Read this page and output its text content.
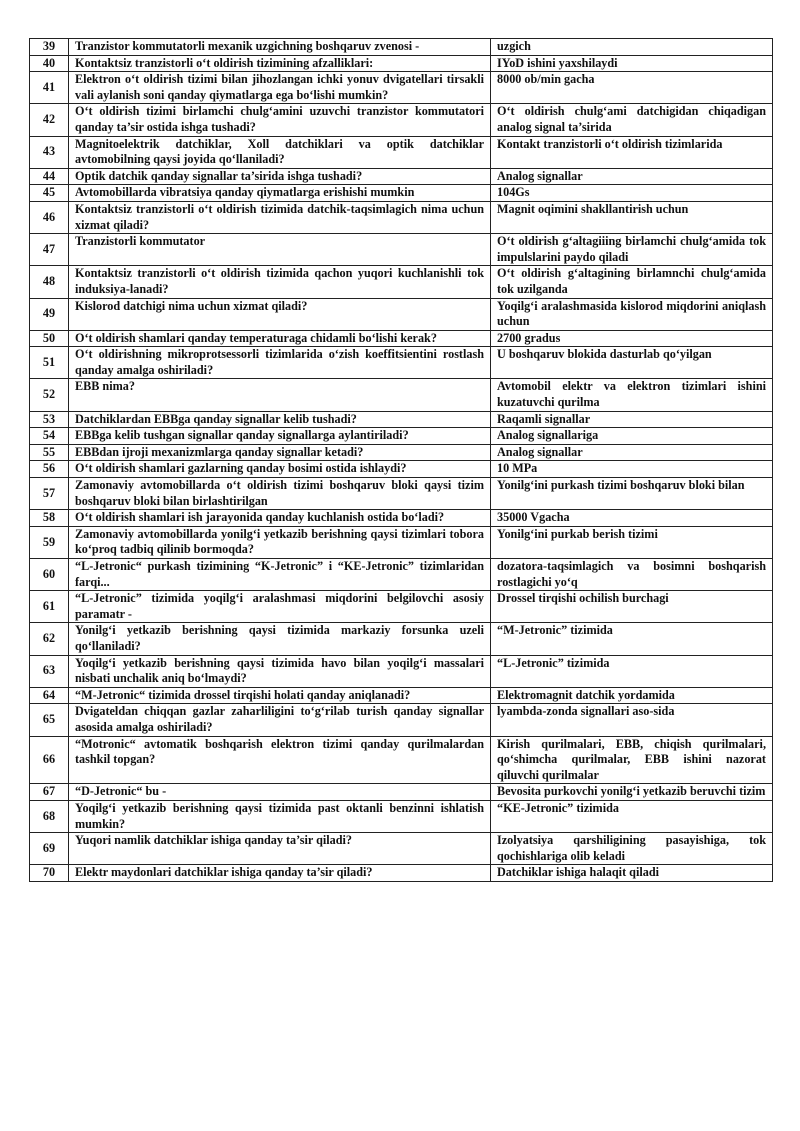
39	Tranzistor kommutatorli mexanik uzgichning boshqaruv zvenosi -	uzgich
40	Kontaktsiz tranzistorli o‘t oldirish tizimining afzalliklari:	IYoD ishini yaxshilaydi
41	Elektron o‘t oldirish tizimi bilan jihozlangan ichki yonuv dvigatellari tirsakli vali aylanish soni qanday qiymatlarga ega bo‘lishi mumkin?	8000 ob/min gacha
42	O‘t oldirish tizimi birlamchi chulg‘amini uzuvchi tranzistor kommutatori qanday ta’sir ostida ishga tushadi?	O‘t oldirish chulg‘ami datchigidan chiqadigan analog signal ta’sirida
43	Magnitoelektrik datchiklar, Xoll datchiklari va optik datchiklar avtomobilning qaysi joyida qo‘llaniladi?	Kontakt tranzistorli o‘t oldirish tizimlarida
44	Optik datchik qanday signallar ta’sirida ishga tushadi?	Analog signallar
45	Avtomobillarda vibratsiya qanday qiymatlarga erishishi mumkin	104Gs
46	Kontaktsiz tranzistorli o‘t oldirish tizimida datchik-taqsimlagich nima uchun xizmat qiladi?	Magnit oqimini shakllantirish uchun
47	Tranzistorli kommutator	O‘t oldirish g‘altagiiing birlamchi chulg‘amida tok impulslarini paydo qiladi
48	Kontaktsiz tranzistorli o‘t oldirish tizimida qachon yuqori kuchlanishli tok induksiya-lanadi?	O‘t oldirish g‘altagining birlamnchi chulg‘amida tok uzilganda
49	Kislorod datchigi nima uchun xizmat qiladi?	Yoqilg‘i aralashmasida kislorod miqdorini aniqlash uchun
50	O‘t oldirish shamlari qanday temperaturaga chidamli bo‘lishi kerak?	2700 gradus
51	O‘t oldirishning mikroprotsessorli tizimlarida o‘zish koeffitsientini rostlash qanday amalga oshiriladi?	U boshqaruv blokida dasturlab qo‘yilgan
52	EBB nima?	Avtomobil elektr va elektron tizimlari ishini kuzatuvchi qurilma
53	Datchiklardan EBBga qanday signallar kelib tushadi?	Raqamli signallar
54	EBBga kelib tushgan signallar qanday signallarga aylantiriladi?	Analog signallariga
55	EBBdan ijroji mexanizmlarga qanday signallar ketadi?	Analog signallar
56	O‘t oldirish shamlari gazlarning qanday bosimi ostida ishlaydi?	10 MPa
57	Zamonaviy avtomobillarda o‘t oldirish tizimi boshqaruv bloki qaysi tizim boshqaruv bloki bilan birlashtirilgan	Yonilg‘ini purkash tizimi boshqaruv bloki bilan
58	O‘t oldirish shamlari ish jarayonida qanday kuchlanish ostida bo‘ladi?	35000 Vgacha
59	Zamonaviy avtomobillarda yonilg‘i yetkazib berishning qaysi tizimlari tobora ko‘proq tadbiq qilinib bormoqda?	Yonilg‘ini purkab berish tizimi
60	“L-Jetronic“ purkash tizimining “K-Jetronic” i “KE-Jetronic” tizimlaridan farqi...	dozatora-taqsimlagich va bosimni boshqarish rostlagichi yo‘q
61	“L-Jetronic” tizimida yoqilg‘i aralashmasi miqdorini belgilovchi asosiy paramatr -	Drossel tirqishi ochilish burchagi
62	Yonilg‘i yetkazib berishning qaysi tizimida markaziy forsunka uzeli qo‘llaniladi?	“M-Jetronic” tizimida
63	Yoqilg‘i yetkazib berishning qaysi tizimida havo bilan yoqilg‘i massalari nisbati unchalik aniq bo‘lmaydi?	“L-Jetronic” tizimida
64	“M-Jetronic“ tizimida drossel tirqishi holati qanday aniqlanadi?	Elektromagnit datchik yordamida
65	Dvigateldan chiqqan gazlar zaharliligini to‘g‘rilab turish qanday signallar asosida amalga oshiriladi?	lyambda-zonda signallari aso-sida
66	“Motronic“ avtomatik boshqarish elektron tizimi qanday qurilmalardan tashkil topgan?	Kirish qurilmalari, EBB, chiqish qurilmalari, qo‘shimcha qurilmalar, EBB ishini nazorat qiluvchi qurilmalar
67	“D-Jetronic“ bu -	Bevosita purkovchi yonilg‘i yetkazib beruvchi tizim
68	Yoqilg‘i yetkazib berishning qaysi tizimida past oktanli benzinni ishlatish mumkin?	“KE-Jetronic” tizimida
69	Yuqori namlik datchiklar ishiga qanday ta’sir qiladi?	Izolyatsiya qarshiligining pasayishiga, tok qochishlariga olib keladi
70	Elektr maydonlari datchiklar ishiga qanday ta’sir qiladi?	Datchiklar ishiga halaqit qiladi
